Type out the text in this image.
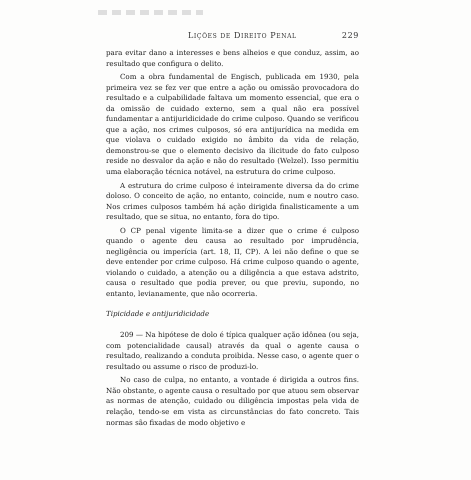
Lições de Direito Penal	229

para evitar dano a interesses e bens alheios e que conduz, assim, ao resultado que configura o delito.

Com a obra fundamental de Engisch, publicada em 1930, pela primeira vez se fez ver que entre a ação ou omissão provocadora do resultado e a culpabilidade faltava um momento essencial, que era o da omissão de cuidado externo, sem a qual não era possível fundamentar a antijuridicidade do crime culposo. Quando se verificou que a ação, nos crimes culposos, só era antijurídica na medida em que violava o cuidado exigido no âmbito da vida de relação, demonstrou-se que o elemento decisivo da ilicitude do fato culposo reside no desvalor da ação e não do resultado (Welzel). Isso permitiu uma elaboração técnica notável, na estrutura do crime culposo.

A estrutura do crime culposo é inteiramente diversa da do crime doloso. O conceito de ação, no entanto, coincide, num e noutro caso. Nos crimes culposos também há ação dirigida finalisticamente a um resultado, que se situa, no entanto, fora do tipo.

O CP penal vigente limita-se a dizer que o crime é culposo quando o agente deu causa ao resultado por imprudência, negligência ou imperícia (art. 18, II, CP). A lei não define o que se deve entender por crime culposo. Há crime culposo quando o agente, violando o cuidado, a atenção ou a diligência a que estava adstrito, causa o resultado que podia prever, ou que previu, supondo, no entanto, levianamente, que não ocorreria.

Tipicidade e antijuridicidade

209 — Na hipótese de dolo é típica qualquer ação idônea (ou seja, com potencialidade causal) através da qual o agente causa o resultado, realizando a conduta proibida. Nesse caso, o agente quer o resultado ou assume o risco de produzi-lo.

No caso de culpa, no entanto, a vontade é dirigida a outros fins. Não obstante, o agente causa o resultado por que atuou sem observar as normas de atenção, cuidado ou diligência impostas pela vida de relação, tendo-se em vista as circunstâncias do fato concreto. Tais normas são fixadas de modo objetivo e
